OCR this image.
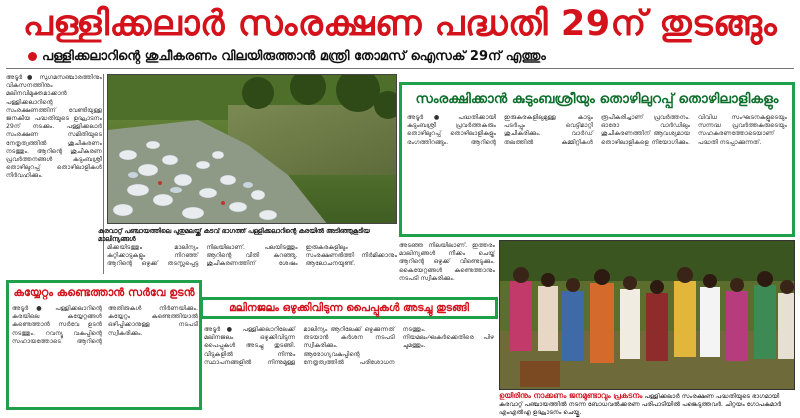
പള്ളിക്കലാർ സംരക്ഷണ പദ്ധതി 29ന് തുടങ്ങും
പള്ളിക്കലാറിന്റെ ശുചീകരണം വിലയിരുത്താൻ മന്ത്രി തോമസ് ഐസക് 29ന് എത്തും
അടൂർ ● സുഗമസഞ്ചാരത്തിനും വികസനത്തിനും മലിനവിമുക്തമാക്കാൻ പള്ളിക്കലാറിന്റെ സംരക്ഷണത്തിന് വേണ്ടിയുള്ള ജനകീയ പദ്ധതിയുടെ ഉദ്ഘാടനം 29ന് നടക്കും. പള്ളിക്കലാർ സംരക്ഷണ സമിതിയുടെ നേതൃത്വത്തിൽ ശുചീകരണം നടത്തും. ആറിന്റെ ശുചീകരണ പ്രവർത്തനങ്ങൾ കുടുംബശ്രീ തൊഴിലുറപ്പ് തൊഴിലാളികൾ നിർവഹിക്കും.
കരവാറ്റ് പഞ്ചായത്തിലെ പുതുമലയ്ക്ക് കടവ് ഭാഗത്ത് പള്ളിക്കലാറിന്റെ കരയിൽ അടിഞ്ഞുകൂടിയ മാലിന്യങ്ങൾ
സംരക്ഷിക്കാൻ കുടുംബശ്രീയും തൊഴിലുറപ്പ് തൊഴിലാളികളും
അടൂർ ● പദ്ധതിക്കായി കുടുംബശ്രീ പ്രവർത്തകരും തൊഴിലുറപ്പ് തൊഴിലാളികളും രംഗത്തിറങ്ങും. ആറിന്റെ ഇരുകരകളിലുമുള്ള കാടും പടർപ്പും വെട്ടിമാറ്റി ശുചീകരിക്കും. വാർഡ് തലത്തിൽ കമ്മിറ്റികൾ രൂപീകരിച്ചാണ് പ്രവർത്തനം. ഓരോ വാർഡിലും ശുചീകരണത്തിന് ആവശ്യമായ തൊഴിലാളികളെ നിയോഗിക്കും. വിവിധ സംഘടനകളുടെയും സന്നദ്ധ പ്രവർത്തകരുടെയും സഹകരണത്തോടെയാണ് പദ്ധതി നടപ്പാക്കുന്നത്.
മിക്കയിടത്തും മാലിന്യം കുറ്റിക്കാടുകളും നിറഞ്ഞ് ആറിന്റെ ഒഴുക്ക് തടസ്സപ്പെട്ട നിലയിലാണ്. പലയിടത്തും ആറിന്റെ വീതി കുറഞ്ഞു. ശുചീകരണത്തിന് ശേഷം ഇരുകരകളിലും സംരക്ഷണഭിത്തി നിർമിക്കാനും ആലോചനയുണ്ട്.
അടഞ്ഞ നിലയിലാണ്. ഇത്തരം മാലിന്യങ്ങൾ നീക്കം ചെയ്ത് ആറിന്റെ ഒഴുക്ക് വീണ്ടെടുക്കും. കൈയേറ്റങ്ങൾ കണ്ടെത്താനും നടപടി സ്വീകരിക്കും.
കയ്യേറ്റം കണ്ടെത്താൻ സർവേ ഉടൻ
അടൂർ ● പള്ളിക്കലാറിന്റെ കരയിലെ കയ്യേറ്റങ്ങൾ കണ്ടെത്താൻ സർവേ ഉടൻ നടത്തും. റവന്യൂ വകുപ്പിന്റെ സഹായത്തോടെ ആറിന്റെ അതിരുകൾ നിർണയിക്കും. കയ്യേറ്റം കണ്ടെത്തിയാൽ ഒഴിപ്പിക്കാനുള്ള നടപടി സ്വീകരിക്കും.
മലിനജലം ഒഴുക്കിവിടുന്ന പൈപ്പുകൾ അടച്ചു തുടങ്ങി
അടൂർ ● പള്ളിക്കലാറിലേക്ക് മലിനജലം ഒഴുക്കിവിടുന്ന പൈപ്പുകൾ അടച്ചു തുടങ്ങി. വീടുകളിൽ നിന്നും സ്ഥാപനങ്ങളിൽ നിന്നുമുള്ള മാലിന്യം ആറിലേക്ക് ഒഴുക്കുന്നത് തടയാൻ കർശന നടപടി സ്വീകരിക്കും. ആരോഗ്യവകുപ്പിന്റെ നേതൃത്വത്തിൽ പരിശോധന നടത്തും. നിയമലംഘകർക്കെതിരെ പിഴ ചുമത്തും.
ഉയിരിനും നാക്കണം ജനമുണ്ടാവും പ്രകടനം പള്ളിക്കലാർ സംരക്ഷണ പദ്ധതിയുടെ ഭാഗമായി കരവാറ്റ് പഞ്ചായത്തിൽ നടന്ന ബോധവൽക്കരണ പരിപാടിയിൽ പങ്കെടുത്തവർ. ചിറ്റയം ഗോപകുമാർ എംഎൽഎ ഉദ്ഘാടനം ചെയ്തു.
